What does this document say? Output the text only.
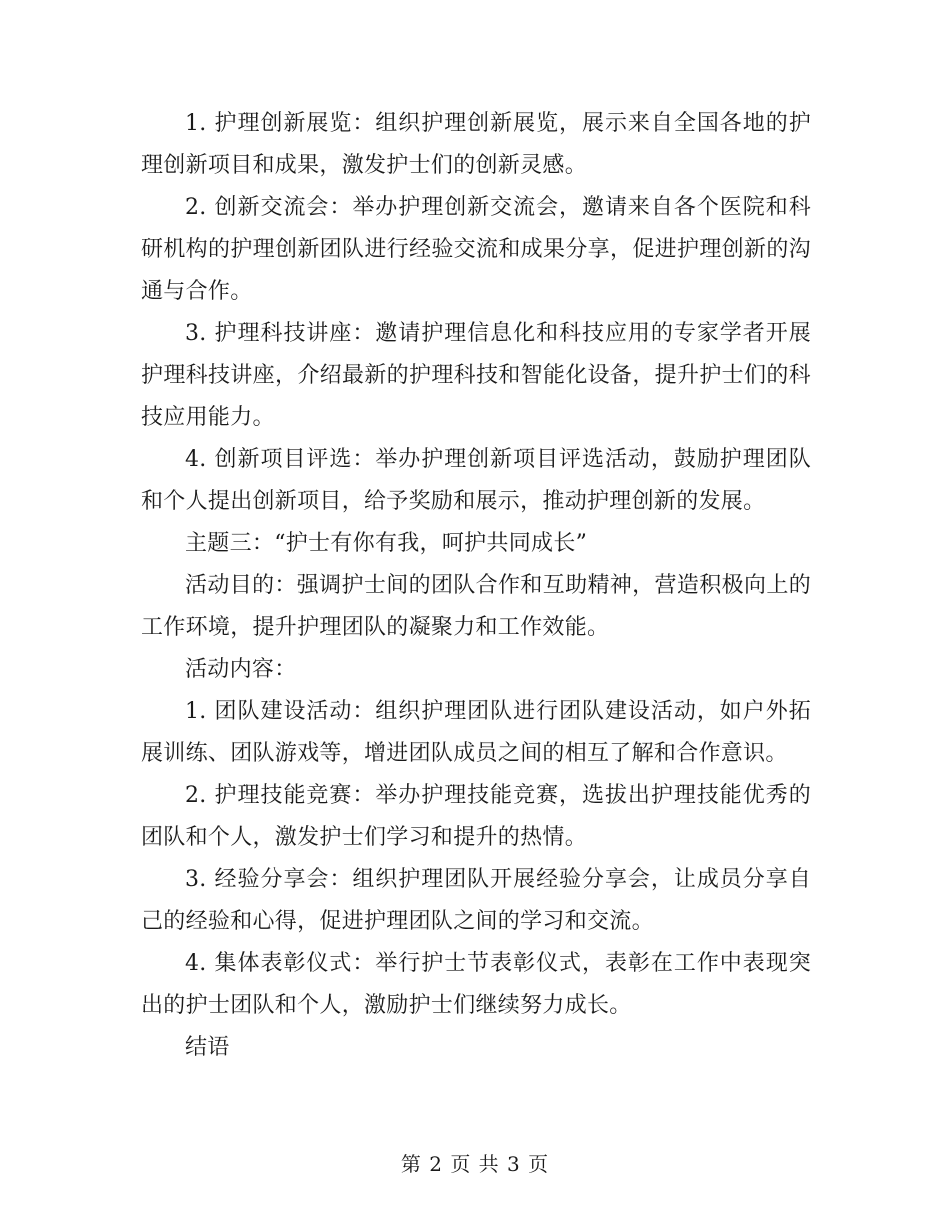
1. 护理创新展览：组织护理创新展览，展示来自全国各地的护理创新项目和成果，激发护士们的创新灵感。

2. 创新交流会：举办护理创新交流会，邀请来自各个医院和科研机构的护理创新团队进行经验交流和成果分享，促进护理创新的沟通与合作。

3. 护理科技讲座：邀请护理信息化和科技应用的专家学者开展护理科技讲座，介绍最新的护理科技和智能化设备，提升护士们的科技应用能力。

4. 创新项目评选：举办护理创新项目评选活动，鼓励护理团队和个人提出创新项目，给予奖励和展示，推动护理创新的发展。

主题三：“护士有你有我，呵护共同成长”

活动目的：强调护士间的团队合作和互助精神，营造积极向上的工作环境，提升护理团队的凝聚力和工作效能。

活动内容：

1. 团队建设活动：组织护理团队进行团队建设活动，如户外拓展训练、团队游戏等，增进团队成员之间的相互了解和合作意识。

2. 护理技能竞赛：举办护理技能竞赛，选拔出护理技能优秀的团队和个人，激发护士们学习和提升的热情。

3. 经验分享会：组织护理团队开展经验分享会，让成员分享自己的经验和心得，促进护理团队之间的学习和交流。

4. 集体表彰仪式：举行护士节表彰仪式，表彰在工作中表现突出的护士团队和个人，激励护士们继续努力成长。

结语

第 2 页 共 3 页
